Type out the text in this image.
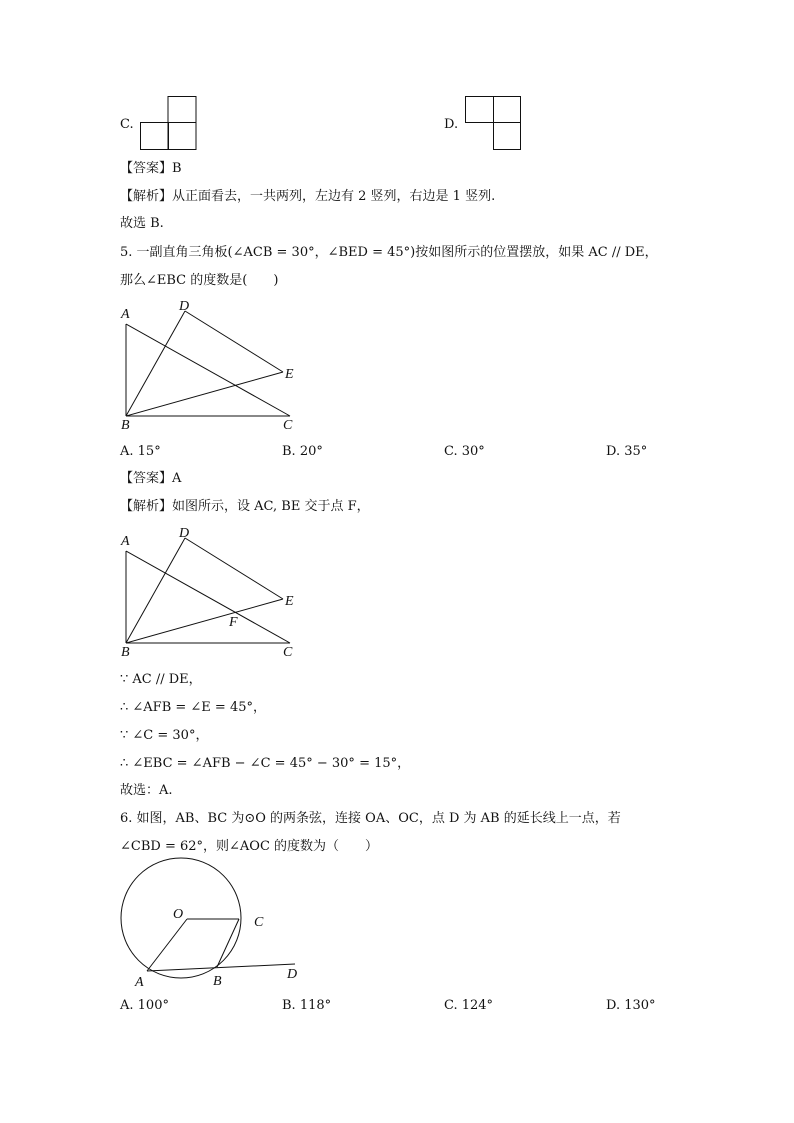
C.	D.
【答案】B
【解析】从正面看去，一共两列，左边有 2 竖列，右边是 1 竖列.
故选 B.
5. 一副直角三角板(∠ACB = 30°，∠BED = 45°)按如图所示的位置摆放，如果 AC // DE，
那么∠EBC 的度数是(　　)
A
D
E
B	C
A. 15°	B. 20°	C. 30°	D. 35°
【答案】A
【解析】如图所示，设 AC, BE 交于点 F，
A
D
E
F
B	C
∵ AC // DE，
∴ ∠AFB = ∠E = 45°，
∵ ∠C = 30°，
∴ ∠EBC = ∠AFB − ∠C = 45° − 30° = 15°，
故选：A.
6. 如图，AB、BC 为⊙O 的两条弦，连接 OA、OC，点 D 为 AB 的延长线上一点，若
∠CBD = 62°，则∠AOC 的度数为（　　）
O
C
A	B	D
A. 100°	B. 118°	C. 124°	D. 130°
